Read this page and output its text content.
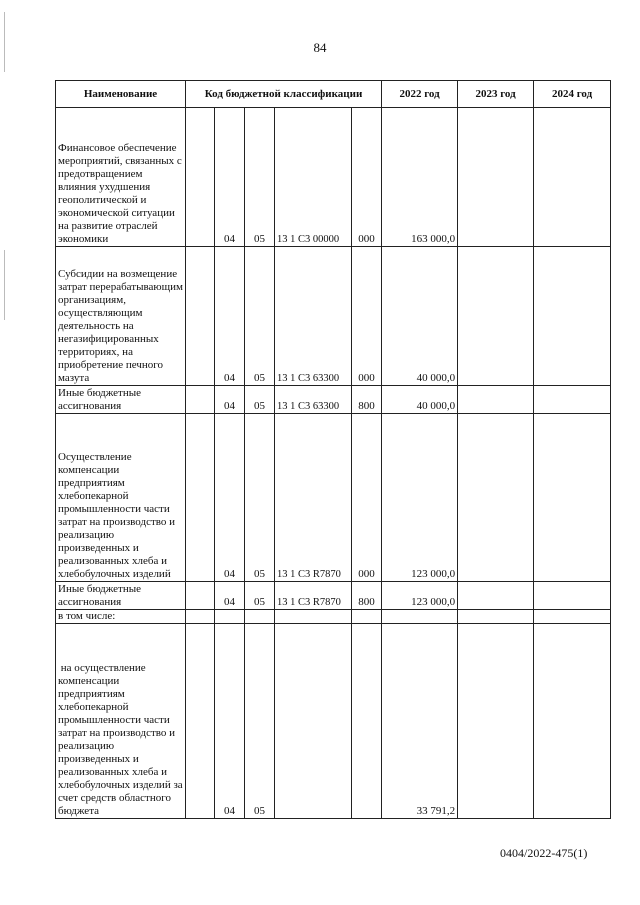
84
Наименование	Код бюджетной классификации					2022 год	2023 год	2024 год

Финансовое обеспечение мероприятий, связанных с предотвращением влияния ухудшения геополитической и экономической ситуации на развитие отраслей экономики		04	05	13 1 С3 00000	000	163 000,0		

Субсидии на возмещение затрат перерабатывающим организациям, осуществляющим деятельность на негазифицированных территориях, на приобретение печного мазута		04	05	13 1 С3 63300	000	40 000,0		

Иные бюджетные ассигнования		04	05	13 1 С3 63300	800	40 000,0		

Осуществление компенсации предприятиям хлебопекарной промышленности части затрат на производство и реализацию произведенных и реализованных хлеба и хлебобулочных изделий		04	05	13 1 С3 R7870	000	123 000,0		

Иные бюджетные ассигнования		04	05	13 1 С3 R7870	800	123 000,0		

в том числе:								

на осуществление компенсации предприятиям хлебопекарной промышленности части затрат на производство и реализацию произведенных и реализованных хлеба и хлебобулочных изделий за счет средств областного бюджета		04	05			33 791,2		
0404/2022-475(1)
